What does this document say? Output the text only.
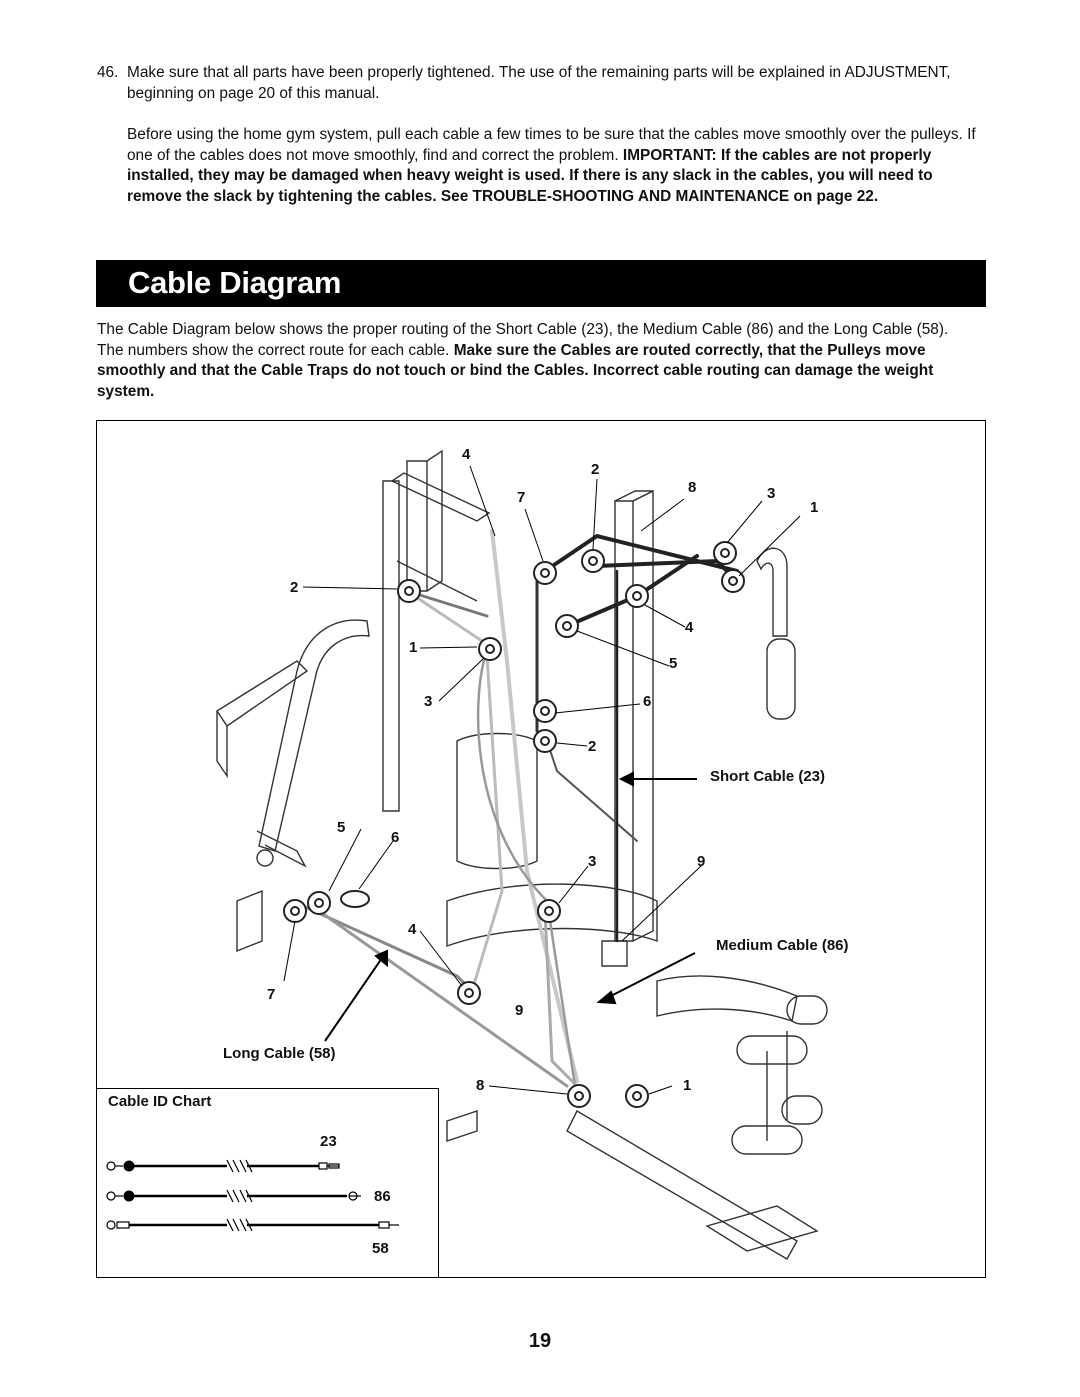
46. Make sure that all parts have been properly tightened. The use of the remaining parts will be explained in ADJUSTMENT, beginning on page 20 of this manual.
Before using the home gym system, pull each cable a few times to be sure that the cables move smoothly over the pulleys. If one of the cables does not move smoothly, find and correct the problem. IMPORTANT: If the cables are not properly installed, they may be damaged when heavy weight is used. If there is any slack in the cables, you will need to remove the slack by tightening the cables. See TROUBLE-SHOOTING AND MAINTENANCE on page 22.
Cable Diagram
The Cable Diagram below shows the proper routing of the Short Cable (23), the Medium Cable (86) and the Long Cable (58). The numbers show the correct route for each cable. Make sure the Cables are routed correctly, that the Pulleys move smoothly and that the Cable Traps do not touch or bind the Cables. Incorrect cable routing can damage the weight system.
4
2
7
8	3
1
2
1
4
5
3	6
2
Short Cable (23)
5
6
3	9
4
Medium Cable (86)
7
9
Long Cable (58)
8	1
Cable ID Chart
23
86
58
19
